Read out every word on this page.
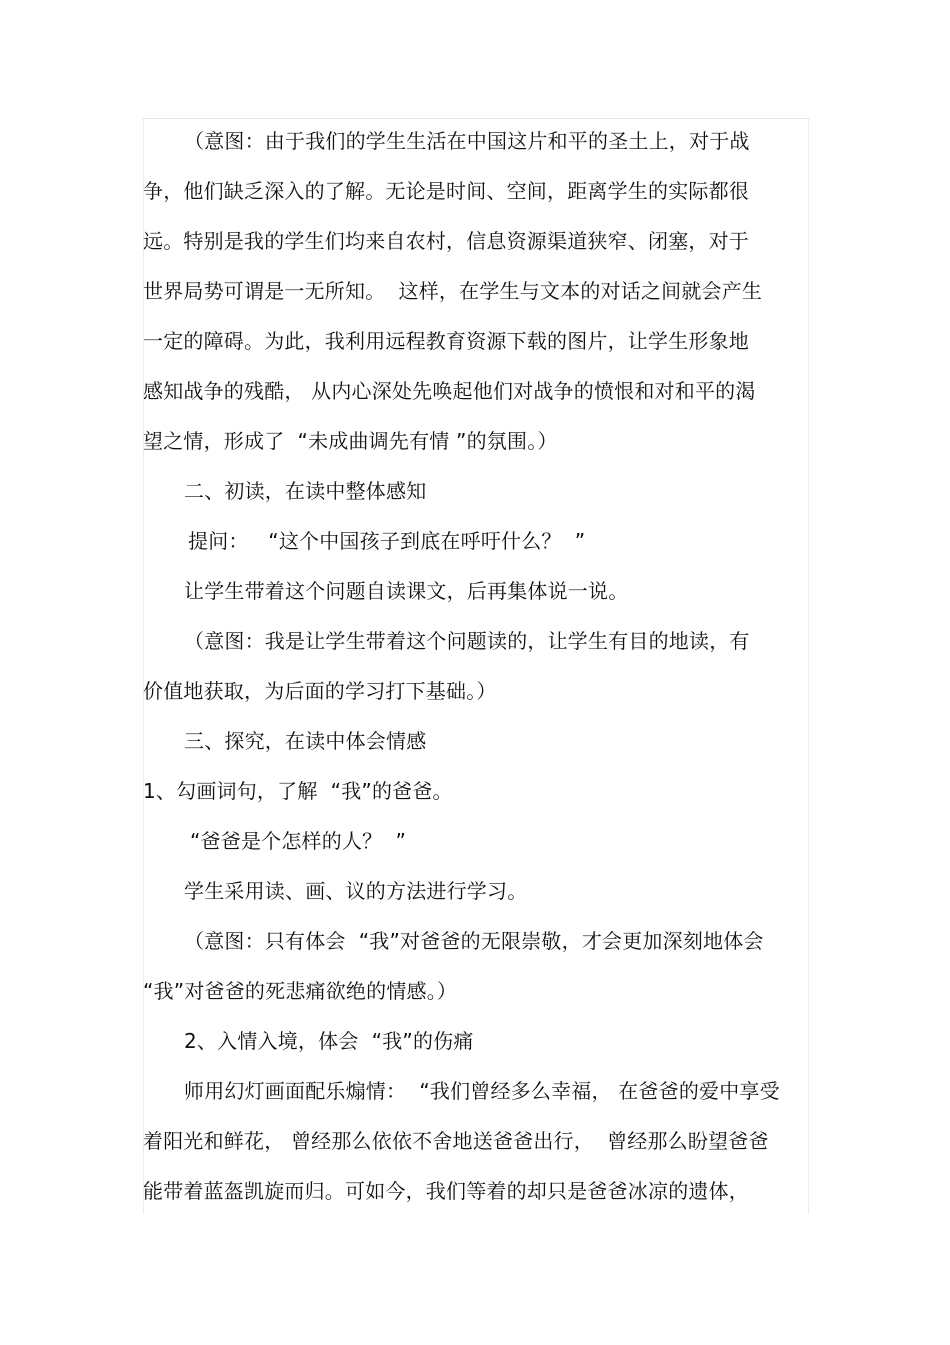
（意图：由于我们的学生生活在中国这片和平的圣土上，对于战
争，他们缺乏深入的了解。无论是时间、空间，距离学生的实际都很
远。特别是我的学生们均来自农村，信息资源渠道狭窄、闭塞，对于
世界局势可谓是一无所知。  这样，在学生与文本的对话之间就会产生
一定的障碍。为此，我利用远程教育资源下载的图片，让学生形象地
感知战争的残酷， 从内心深处先唤起他们对战争的愤恨和对和平的渴
望之情，形成了  “未成曲调先有情 ”的氛围。）
二、初读，在读中整体感知
提问：   “这个中国孩子到底在呼吁什么？  ”
让学生带着这个问题自读课文，后再集体说一说。
（意图：我是让学生带着这个问题读的，让学生有目的地读，有
价值地获取，为后面的学习打下基础。）
三、探究，在读中体会情感
1、勾画词句，了解  “我”的爸爸。
“爸爸是个怎样的人？  ”
学生采用读、画、议的方法进行学习。
（意图：只有体会  “我”对爸爸的无限崇敬，才会更加深刻地体会
“我”对爸爸的死悲痛欲绝的情感。）
2、入情入境，体会  “我”的伤痛
师用幻灯画面配乐煽情：  “我们曾经多么幸福， 在爸爸的爱中享受
着阳光和鲜花， 曾经那么依依不舍地送爸爸出行，  曾经那么盼望爸爸
能带着蓝盔凯旋而归。可如今，我们等着的却只是爸爸冰凉的遗体，
